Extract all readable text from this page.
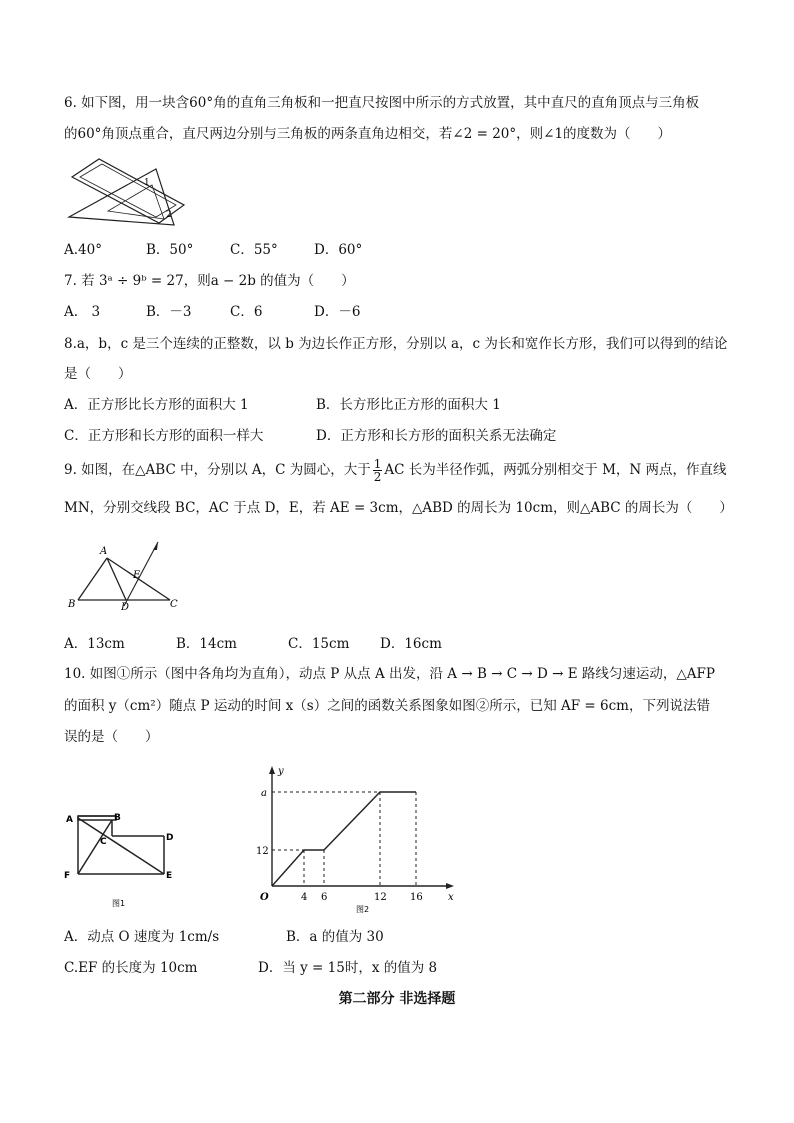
6. 如下图，用一块含60°角的直角三角板和一把直尺按图中所示的方式放置，其中直尺的直角顶点与三角板
的60°角顶点重合，直尺两边分别与三角板的两条直角边相交，若∠2 = 20°，则∠1的度数为（　　）
1
2
A.40°	B．50°	C．55°	D．60°
7. 若 3ᵃ ÷ 9ᵇ = 27，则a − 2b 的值为（　　）
A.　3	B．－3	C．6	D．－6
8.a，b，c 是三个连续的正整数，以 b 为边长作正方形，分别以 a，c 为长和宽作长方形，我们可以得到的结论
是（　　）
A．正方形比长方形的面积大 1	B．长方形比正方形的面积大 1
C．正方形和长方形的面积一样大	D．正方形和长方形的面积关系无法确定
9. 如图，在△ABC 中，分别以 A，C 为圆心，大于 $\frac{1}{2}$ AC 长为半径作弧，两弧分别相交于 M，N 两点，作直线
MN，分别交线段 BC，AC 于点 D，E，若 AE = 3cm，△ABD 的周长为 10cm，则△ABC 的周长为（　　）
A
E
B	D	C
A．13cm	B．14cm	C．15cm D．16cm
10. 如图①所示（图中各角均为直角），动点 P 从点 A 出发，沿 A → B → C → D → E 路线匀速运动，△AFP
的面积 y（cm²）随点 P 运动的时间 x（s）之间的函数关系图象如图②所示，已知 AF = 6cm，下列说法错
误的是（　　）
A	B
C	D
F	E
图1
y
x
O
a
12
4 6	12 16
图2
A．动点 O 速度为 1cm/s	B．a 的值为 30
C.EF 的长度为 10cm	D．当 y = 15时，x 的值为 8
第二部分 非选择题
